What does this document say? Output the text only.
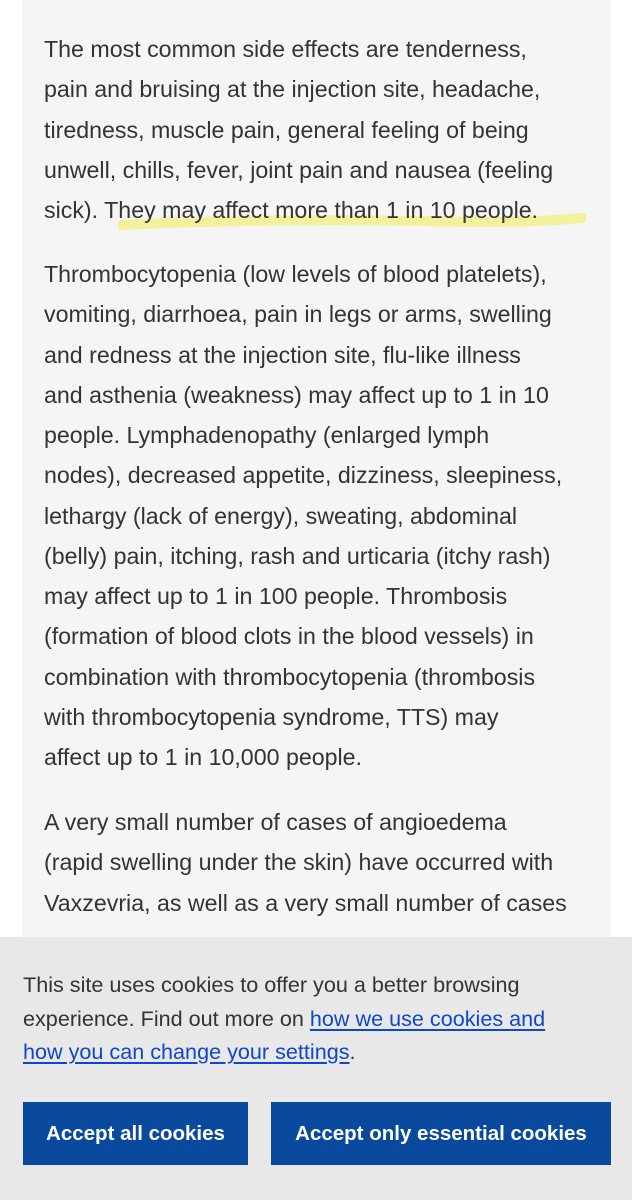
The most common side effects are tenderness,
pain and bruising at the injection site, headache,
tiredness, muscle pain, general feeling of being
unwell, chills, fever, joint pain and nausea (feeling
sick). They may affect more than 1 in 10 people.

Thrombocytopenia (low levels of blood platelets),
vomiting, diarrhoea, pain in legs or arms, swelling
and redness at the injection site, flu-like illness
and asthenia (weakness) may affect up to 1 in 10
people. Lymphadenopathy (enlarged lymph
nodes), decreased appetite, dizziness, sleepiness,
lethargy (lack of energy), sweating, abdominal
(belly) pain, itching, rash and urticaria (itchy rash)
may affect up to 1 in 100 people. Thrombosis
(formation of blood clots in the blood vessels) in
combination with thrombocytopenia (thrombosis
with thrombocytopenia syndrome, TTS) may
affect up to 1 in 10,000 people.

A very small number of cases of angioedema
(rapid swelling under the skin) have occurred with
Vaxzevria, as well as a very small number of cases

This site uses cookies to offer you a better browsing
experience. Find out more on how we use cookies and
how you can change your settings.

Accept all cookies	Accept only essential cookies
